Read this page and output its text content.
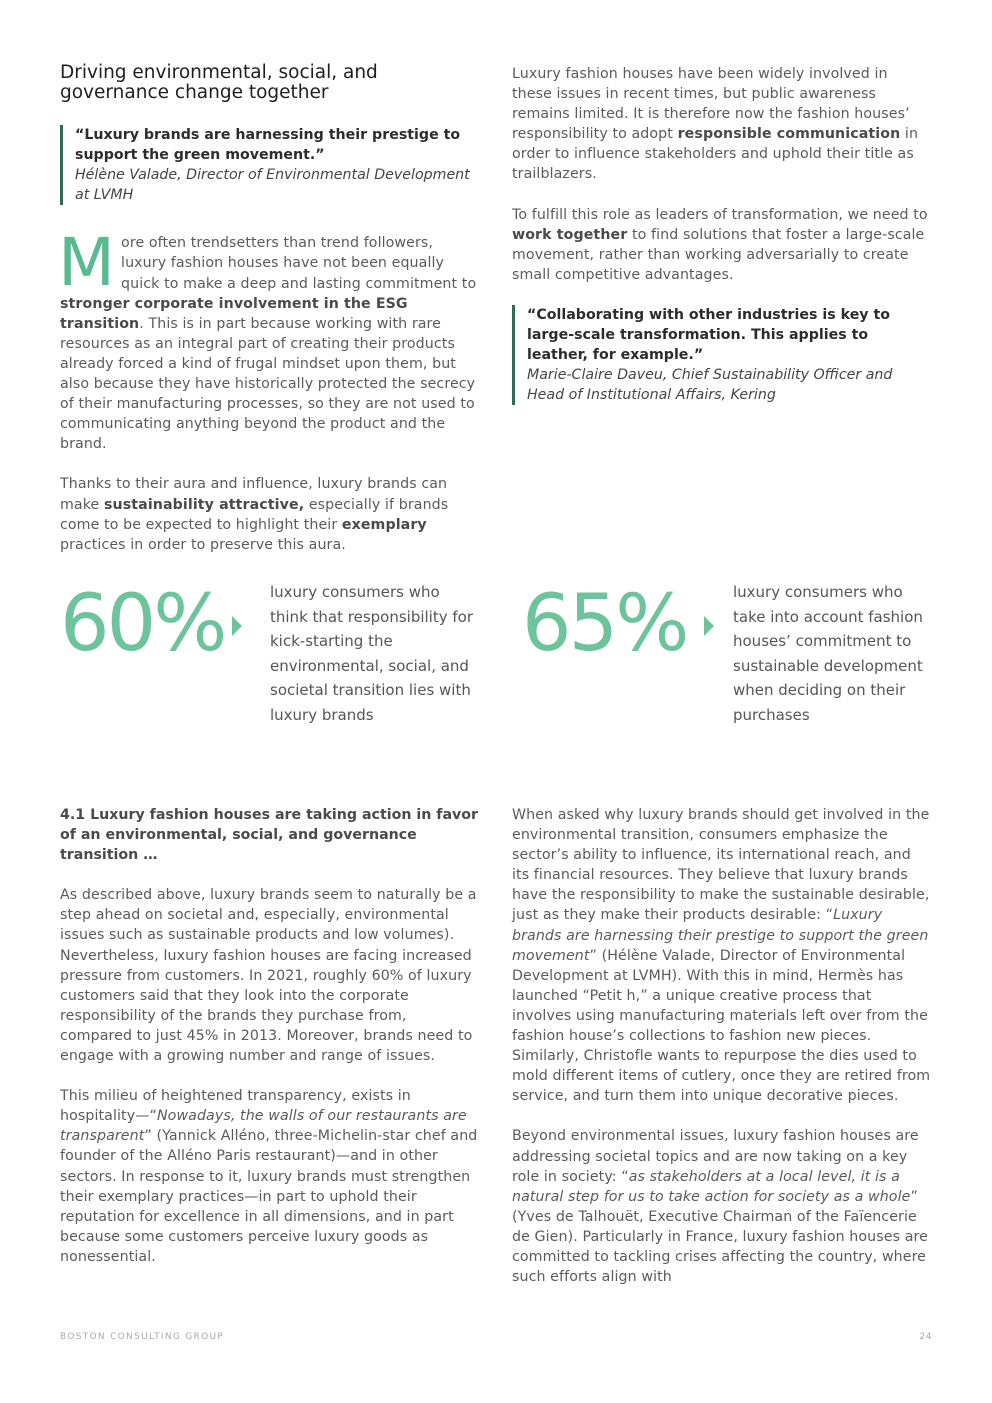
Driving environmental, social, and governance change together

“Luxury brands are harnessing their prestige to support the green movement.”

Hélène Valade, Director of Environmental Development at LVMH

More often trendsetters than trend followers, luxury fashion houses have not been equally quick to make a deep and lasting commitment to stronger corporate involvement in the ESG transition. This is in part because working with rare resources as an integral part of creating their products already forced a kind of frugal mindset upon them, but also because they have historically protected the secrecy of their manufacturing processes, so they are not used to communicating anything beyond the product and the brand.

Thanks to their aura and influence, luxury brands can make sustainability attractive, especially if brands come to be expected to highlight their exemplary practices in order to preserve this aura.

Luxury fashion houses have been widely involved in these issues in recent times, but public awareness remains limited. It is therefore now the fashion houses’ responsibility to adopt responsible communication in order to influence stakeholders and uphold their title as trailblazers.

To fulfill this role as leaders of transformation, we need to work together to find solutions that foster a large-scale movement, rather than working adversarially to create small competitive advantages.

“Collaborating with other industries is key to large-scale transformation. This applies to leather, for example.”

Marie-Claire Daveu, Chief Sustainability Officer and Head of Institutional Affairs, Kering

60%	luxury consumers who think that responsibility for kick-starting the environmental, social, and societal transition lies with luxury brands
65%	luxury consumers who take into account fashion houses’ commitment to sustainable development when deciding on their purchases
4.1 Luxury fashion houses are taking action in favor of an environmental, social, and governance transition …

As described above, luxury brands seem to naturally be a step ahead on societal and, especially, environmental issues such as sustainable products and low volumes). Nevertheless, luxury fashion houses are facing increased pressure from customers. In 2021, roughly 60% of luxury customers said that they look into the corporate responsibility of the brands they purchase from, compared to just 45% in 2013. Moreover, brands need to engage with a growing number and range of issues.

This milieu of heightened transparency, exists in hospitality—“Nowadays, the walls of our restaurants are transparent” (Yannick Alléno, three-Michelin-star chef and founder of the Alléno Paris restaurant)—and in other sectors. In response to it, luxury brands must strengthen their exemplary practices—in part to uphold their reputation for excellence in all dimensions, and in part because some customers perceive luxury goods as nonessential.

When asked why luxury brands should get involved in the environmental transition, consumers emphasize the sector’s ability to influence, its international reach, and its financial resources. They believe that luxury brands have the responsibility to make the sustainable desirable, just as they make their products desirable: “Luxury brands are harnessing their prestige to support the green movement” (Hélène Valade, Director of Environmental Development at LVMH). With this in mind, Hermès has launched “Petit h,” a unique creative process that involves using manufacturing materials left over from the fashion house’s collections to fashion new pieces. Similarly, Christofle wants to repurpose the dies used to mold different items of cutlery, once they are retired from service, and turn them into unique decorative pieces.

Beyond environmental issues, luxury fashion houses are addressing societal topics and are now taking on a key role in society: “as stakeholders at a local level, it is a natural step for us to take action for society as a whole” (Yves de Talhouët, Executive Chairman of the Faïencerie de Gien). Particularly in France, luxury fashion houses are committed to tackling crises affecting the country, where such efforts align with

BOSTON CONSULTING GROUP	24
